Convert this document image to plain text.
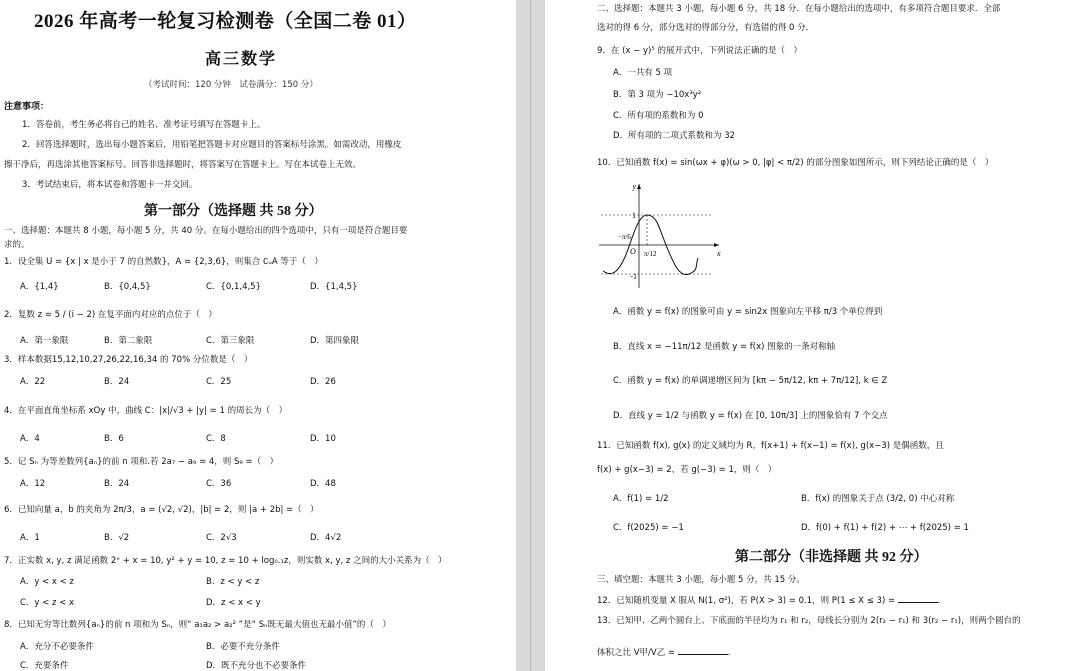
2026 年高考一轮复习检测卷（全国二卷 01）
高三数学
（考试时间：120 分钟　试卷满分：150 分）
注意事项：
1．答卷前，考生务必将自己的姓名、准考证号填写在答题卡上。
2．回答选择题时，选出每小题答案后，用铅笔把答题卡对应题目的答案标号涂黑。如需改动，用橡皮
擦干净后，再选涂其他答案标号。回答非选择题时，将答案写在答题卡上。写在本试卷上无效。
3．考试结束后，将本试卷和答题卡一并交回。
第一部分（选择题 共 58 分）
一、选择题：本题共 8 小题，每小题 5 分，共 40 分。在每小题给出的四个选项中，只有一项是符合题目要
求的。
1．设全集 U = {x | x 是小于 7 的自然数}，A = {2,3,6}，则集合 ∁ᵤA 等于（　）
A．{1,4}	B．{0,4,5}	C．{0,1,4,5}	D．{1,4,5}
2．复数 z = 5 / (i − 2) 在复平面内对应的点位于（　）
A．第一象限	B．第二象限	C．第三象限	D．第四象限
3．样本数据15,12,10,27,26,22,16,34 的 70% 分位数是（　）
A．22	B．24	C．25	D．26
4．在平面直角坐标系 xOy 中，曲线 C：|x|/√3 + |y| = 1 的周长为（　）
A．4	B．6	C．8	D．10
5．记 Sₙ 为等差数列{aₙ}的前 n 项和.若 2a₇ − a₉ = 4，则 S₉ =（　）
A．12	B．24	C．36	D．48
6．已知向量 a，b 的夹角为 2π/3，a = (√2, √2)，|b| = 2，则 |a + 2b| =（　）
A．1	B．√2	C．2√3	D．4√2
7．正实数 x, y, z 满足函数 2ˣ + x = 10, y² + y = 10, z = 10 + log₀.₁z，则实数 x, y, z 之间的大小关系为（　）
A．y < x < z	B．z < y < z
C．y < z < x	D．z < x < y
8．已知无穷等比数列{aₙ}的前 n 项和为 Sₙ，则“ a₁a₂ > a₂² ”是“ Sₙ既无最大值也无最小值”的（　）
A．充分不必要条件	B．必要不充分条件
C．充要条件	D．既不充分也不必要条件
二、选择题：本题共 3 小题，每小题 6 分，共 18 分．在每小题给出的选项中，有多项符合题目要求．全部
选对的得 6 分，部分选对的得部分分，有选错的得 0 分．
9．在 (x − y)⁵ 的展开式中，下列说法正确的是（　）
A．一共有 5 项
B．第 3 项为 −10x³y²
C．所有项的系数和为 0
D．所有项的二项式系数和为 32
10．已知函数 f(x) = sin(ωx + φ)(ω > 0, |φ| < π/2) 的部分图象如图所示，则下列结论正确的是（　）
y
x
1
-1
O
−π/6
π/12
A．函数 y = f(x) 的图象可由 y = sin2x 图象向左平移 π/3 个单位得到
B．直线 x = −11π/12 是函数 y = f(x) 图象的一条对称轴
C．函数 y = f(x) 的单调递增区间为 [kπ − 5π/12, kπ + 7π/12], k ∈ Z
D．直线 y = 1/2 与函数 y = f(x) 在 [0, 10π/3] 上的图象恰有 7 个交点
11．已知函数 f(x), g(x) 的定义域均为 R，f(x+1) + f(x−1) = f(x), g(x−3) 是偶函数，且
f(x) + g(x−3) = 2，若 g(−3) = 1，则（　）
A．f(1) = 1/2	B．f(x) 的图象关于点 (3/2, 0) 中心对称
C．f(2025) = −1	D．f(0) + f(1) + f(2) + ⋯ + f(2025) = 1
第二部分（非选择题 共 92 分）
三、填空题：本题共 3 小题，每小题 5 分，共 15 分。
12．已知随机变量 X 服从 N(1, σ²)，若 P(X > 3) = 0.1，则 P(1 ≤ X ≤ 3) =	.
13．已知甲、乙两个圆台上、下底面的半径均为 r₁ 和 r₂，母线长分别为 2(r₂ − r₁) 和 3(r₂ − r₁)，则两个圆台的
体积之比 V甲/V乙 =	.
